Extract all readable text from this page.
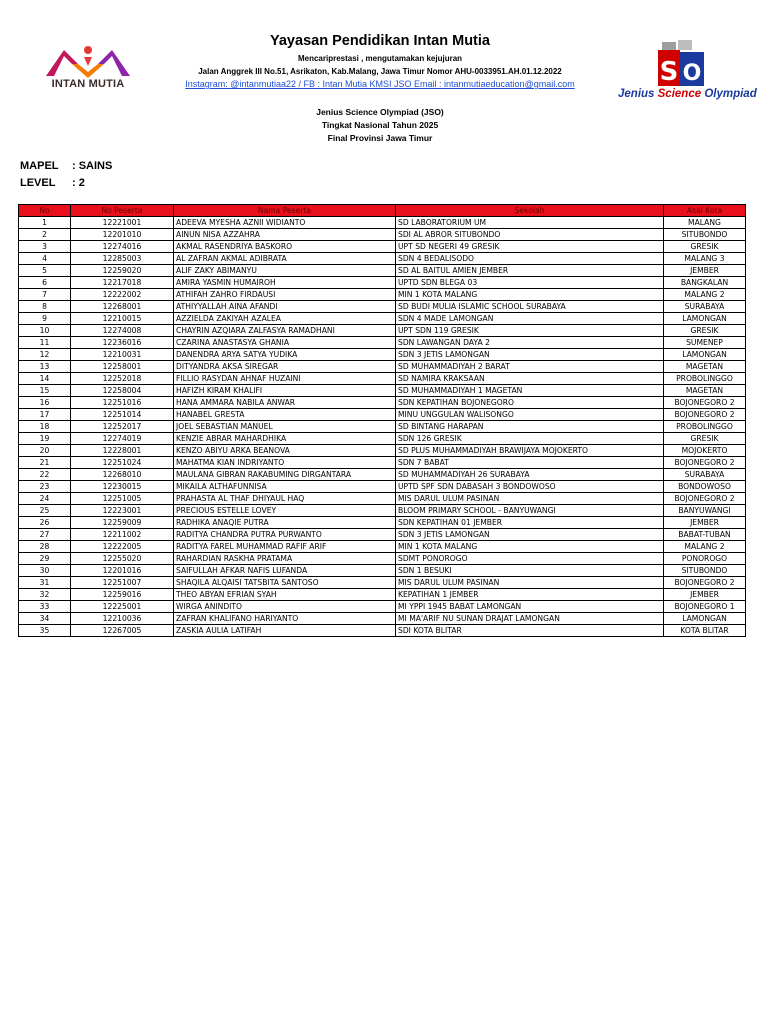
INTAN MUTIA
Yayasan Pendidikan Intan Mutia
Mencariprestasi , mengutamakan kejujuran
Jalan Anggrek III No.51, Asrikaton, Kab.Malang, Jawa Timur Nomor AHU-0033951.AH.01.12.2022
Instagram: @intanmutiaa22 / FB : Intan Mutia KMSI JSO Email : intanmutiaeducation@gmail.com
Jenius Science Olympiad (JSO)
Tingkat Nasional Tahun 2025
Final Provinsi Jawa Timur
S O
Jenius Science Olympiad
MAPEL : SAINS
LEVEL : 2
No	No Peserta	Nama Peserta	Sekolah	Asal Kota
1	12221001	ADEEVA MYESHA AZNII WIDIANTO	SD LABORATORIUM UM	MALANG
2	12201010	AINUN NISA AZZAHRA	SDI AL ABROR SITUBONDO	SITUBONDO
3	12274016	AKMAL RASENDRIYA BASKORO	UPT SD NEGERI 49 GRESIK	GRESIK
4	12285003	AL ZAFRAN AKMAL ADIBRATA	SDN 4 BEDALISODO	MALANG 3
5	12259020	ALIF ZAKY ABIMANYU	SD AL BAITUL AMIEN JEMBER	JEMBER
6	12217018	AMIRA YASMIN HUMAIROH	UPTD SDN BLEGA 03	BANGKALAN
7	12222002	ATHIFAH ZAHRO FIRDAUSI	MIN 1 KOTA MALANG	MALANG 2
8	12268001	ATHIYYALLAH AINA AFANDI	SD BUDI MULIA ISLAMIC SCHOOL SURABAYA	SURABAYA
9	12210015	AZZIELDA ZAKIYAH AZALEA	SDN 4 MADE LAMONGAN	LAMONGAN
10	12274008	CHAYRIN AZQIARA ZALFASYA RAMADHANI	UPT SDN 119 GRESIK	GRESIK
11	12236016	CZARINA ANASTASYA GHANIA	SDN LAWANGAN DAYA 2	SUMENEP
12	12210031	DANENDRA ARYA SATYA YUDIKA	SDN 3 JETIS LAMONGAN	LAMONGAN
13	12258001	DITYANDRA AKSA SIREGAR	SD MUHAMMADIYAH 2 BARAT	MAGETAN
14	12252018	FILLIO RASYDAN AHNAF HUZAINI	SD NAMIRA KRAKSAAN	PROBOLINGGO
15	12258004	HAFIZH KIRAM KHALIFI	SD MUHAMMADIYAH 1 MAGETAN	MAGETAN
16	12251016	HANA AMMARA NABILA ANWAR	SDN KEPATIHAN BOJONEGORO	BOJONEGORO 2
17	12251014	HANABEL GRESTA	MINU UNGGULAN WALISONGO	BOJONEGORO 2
18	12252017	JOEL SEBASTIAN MANUEL	SD BINTANG HARAPAN	PROBOLINGGO
19	12274019	KENZIE ABRAR MAHARDHIKA	SDN 126 GRESIK	GRESIK
20	12228001	KENZO ABIYU ARKA BEANOVA	SD PLUS MUHAMMADIYAH BRAWIJAYA MOJOKERTO	MOJOKERTO
21	12251024	MAHATMA KIAN INDRIYANTO	SDN 7 BABAT	BOJONEGORO 2
22	12268010	MAULANA GIBRAN RAKABUMING DIRGANTARA	SD MUHAMMADIYAH 26 SURABAYA	SURABAYA
23	12230015	MIKAILA ALTHAFUNNISA	UPTD SPF SDN DABASAH 3 BONDOWOSO	BONDOWOSO
24	12251005	PRAHASTA AL THAF DHIYAUL HAQ	MIS DARUL ULUM PASINAN	BOJONEGORO 2
25	12223001	PRECIOUS ESTELLE LOVEY	BLOOM PRIMARY SCHOOL - BANYUWANGI	BANYUWANGI
26	12259009	RADHIKA ANAQIE PUTRA	SDN KEPATIHAN 01 JEMBER	JEMBER
27	12211002	RADITYA CHANDRA PUTRA PURWANTO	SDN 3 JETIS LAMONGAN	BABAT-TUBAN
28	12222005	RADITYA FAREL MUHAMMAD RAFIF ARIF	MIN 1 KOTA MALANG	MALANG 2
29	12255020	RAHARDIAN RASKHA PRATAMA	SDMT PONOROGO	PONOROGO
30	12201016	SAIFULLAH AFKAR NAFIS LUFANDA	SDN 1 BESUKI	SITUBONDO
31	12251007	SHAQILA ALQAISI TATSBITA SANTOSO	MIS DARUL ULUM PASINAN	BOJONEGORO 2
32	12259016	THEO ABYAN EFRIAN SYAH	KEPATIHAN 1 JEMBER	JEMBER
33	12225001	WIRGA ANINDITO	MI YPPI 1945 BABAT LAMONGAN	BOJONEGORO 1
34	12210036	ZAFRAN KHALIFANO HARIYANTO	MI MA'ARIF NU SUNAN DRAJAT LAMONGAN	LAMONGAN
35	12267005	ZASKIA AULIA LATIFAH	SDI KOTA BLITAR	KOTA BLITAR
